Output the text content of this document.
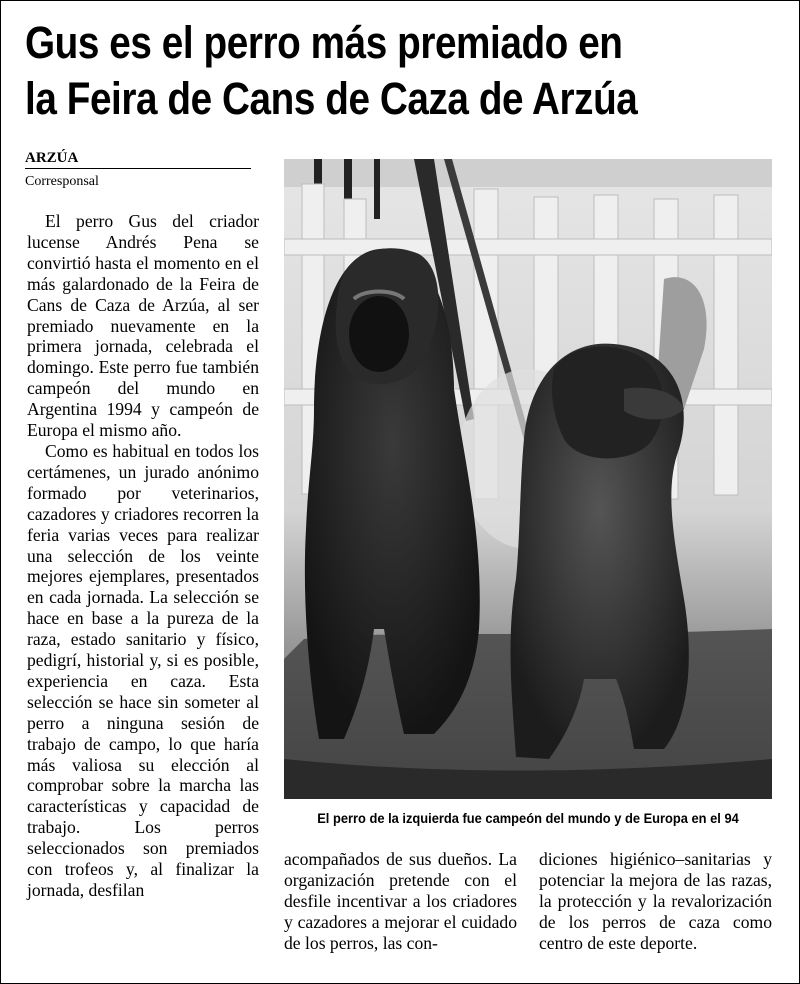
Gus es el perro más premiado en
la Feira de Cans de Caza de Arzúa
ARZÚA
Corresponsal

El perro Gus del criador lucense Andrés Pena se convirtió hasta el momento en el más galardonado de la Feira de Cans de Caza de Arzúa, al ser premiado nuevamente en la primera jornada, celebrada el domingo. Este perro fue también campeón del mundo en Argentina 1994 y campeón de Europa el mismo año.

Como es habitual en todos los certámenes, un jurado anónimo formado por veterinarios, cazadores y criadores recorren la feria varias veces para realizar una selección de los veinte mejores ejemplares, presentados en cada jornada. La selección se hace en base a la pureza de la raza, estado sanitario y físico, pedigrí, historial y, si es posible, experiencia en caza. Esta selección se hace sin someter al perro a ninguna sesión de trabajo de campo, lo que haría más valiosa su elección al comprobar sobre la marcha las características y capacidad de trabajo. Los perros seleccionados son premiados con trofeos y, al finalizar la jornada, desfilan

El perro de la izquierda fue campeón del mundo y de Europa en el 94

acompañados de sus dueños. La organización pretende con el desfile incentivar a los criadores y cazadores a mejorar el cuidado de los perros, las con-

diciones higiénico–sanitarias y potenciar la mejora de las razas, la protección y la revalorización de los perros de caza como centro de este deporte.
